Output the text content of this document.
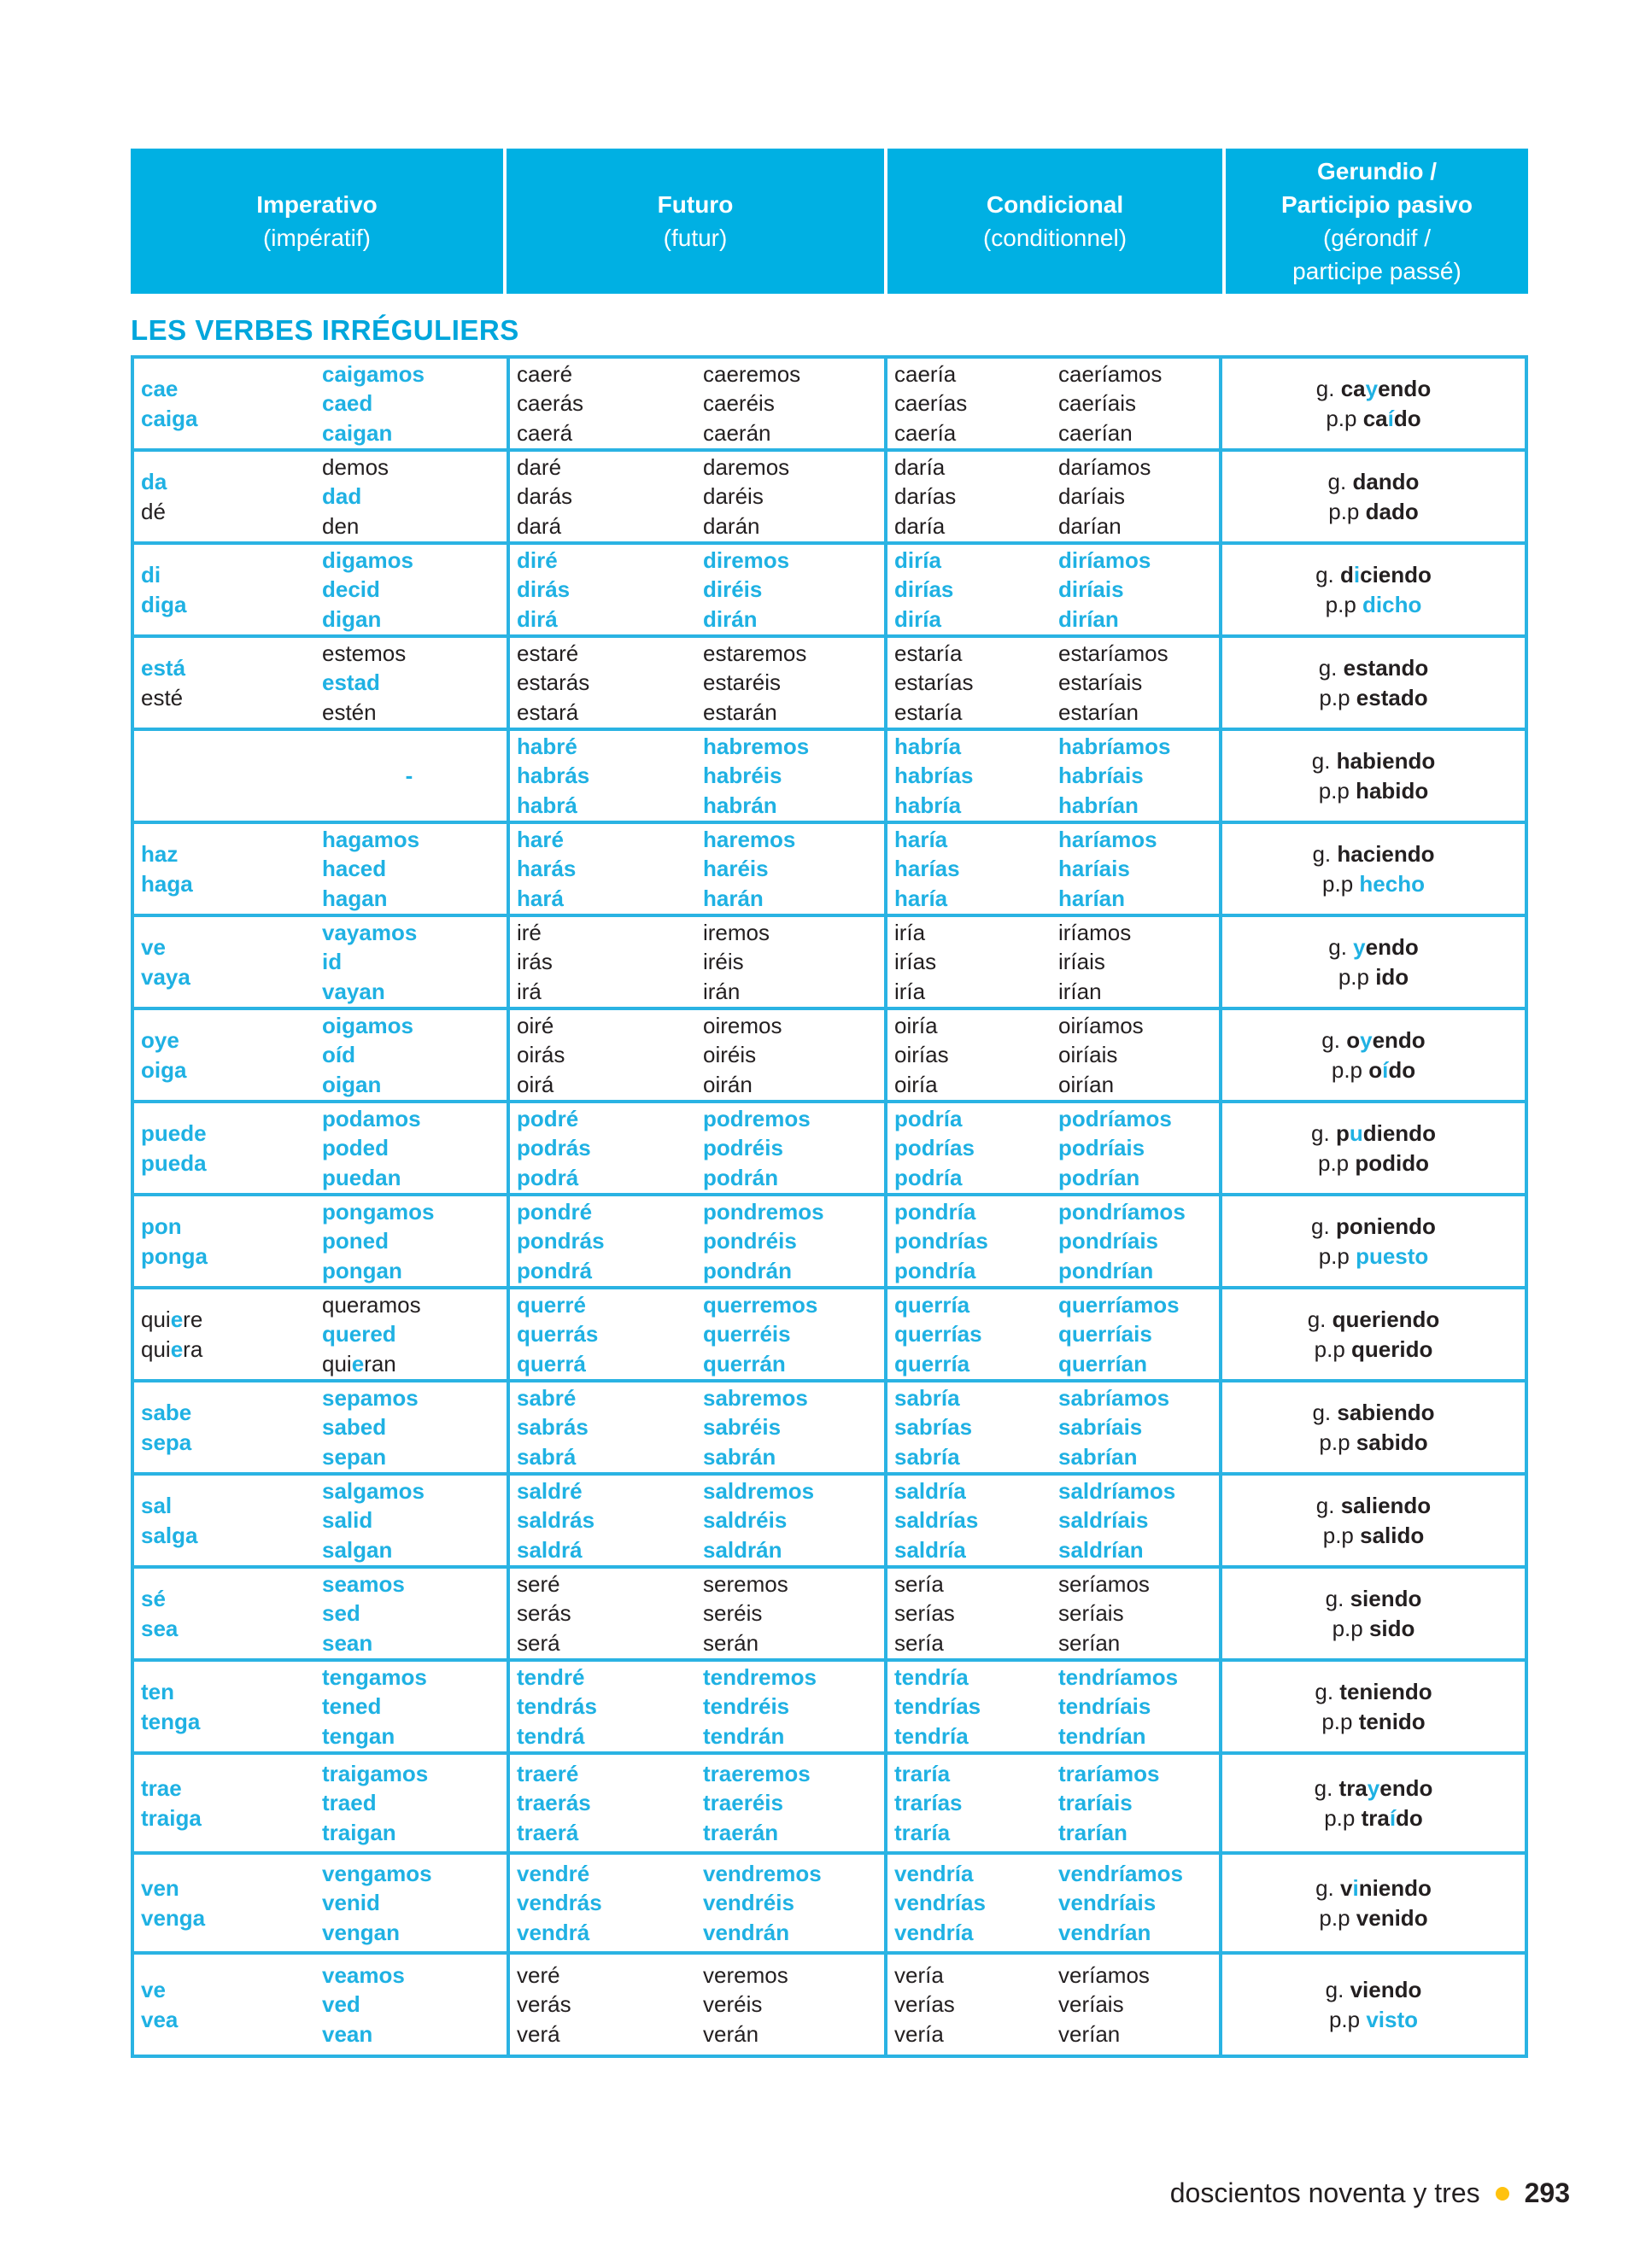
Imperativo
(impératif)
Futuro
(futur)
Condicional
(conditionnel)
Gerundio /
Participio pasivo
(gérondif /
participe passé)
LES VERBES IRRÉGULIERS
cae
caiga
caigamos
caed
caigan
caeré
caerás
caerá
caeremos
caeréis
caerán
caería
caerías
caería
caeríamos
caeríais
caerían
g. cayendo
p.p caído
da
dé
demos
dad
den
daré
darás
dará
daremos
daréis
darán
daría
darías
daría
daríamos
daríais
darían
g. dando
p.p dado
di
diga
digamos
decid
digan
diré
dirás
dirá
diremos
diréis
dirán
diría
dirías
diría
diríamos
diríais
dirían
g. diciendo
p.p dicho
está
esté
estemos
estad
estén
estaré
estarás
estará
estaremos
estaréis
estarán
estaría
estarías
estaría
estaríamos
estaríais
estarían
g. estando
p.p estado
-
habré
habrás
habrá
habremos
habréis
habrán
habría
habrías
habría
habríamos
habríais
habrían
g. habiendo
p.p habido
haz
haga
hagamos
haced
hagan
haré
harás
hará
haremos
haréis
harán
haría
harías
haría
haríamos
haríais
harían
g. haciendo
p.p hecho
ve
vaya
vayamos
id
vayan
iré
irás
irá
iremos
iréis
irán
iría
irías
iría
iríamos
iríais
irían
g. yendo
p.p ido
oye
oiga
oigamos
oíd
oigan
oiré
oirás
oirá
oiremos
oiréis
oirán
oiría
oirías
oiría
oiríamos
oiríais
oirían
g. oyendo
p.p oído
puede
pueda
podamos
poded
puedan
podré
podrás
podrá
podremos
podréis
podrán
podría
podrías
podría
podríamos
podríais
podrían
g. pudiendo
p.p podido
pon
ponga
pongamos
poned
pongan
pondré
pondrás
pondrá
pondremos
pondréis
pondrán
pondría
pondrías
pondría
pondríamos
pondríais
pondrían
g. poniendo
p.p puesto
quiere
quiera
queramos
quered
quieran
querré
querrás
querrá
querremos
querréis
querrán
querría
querrías
querría
querríamos
querríais
querrían
g. queriendo
p.p querido
sabe
sepa
sepamos
sabed
sepan
sabré
sabrás
sabrá
sabremos
sabréis
sabrán
sabría
sabrías
sabría
sabríamos
sabríais
sabrían
g. sabiendo
p.p sabido
sal
salga
salgamos
salid
salgan
saldré
saldrás
saldrá
saldremos
saldréis
saldrán
saldría
saldrías
saldría
saldríamos
saldríais
saldrían
g. saliendo
p.p salido
sé
sea
seamos
sed
sean
seré
serás
será
seremos
seréis
serán
sería
serías
sería
seríamos
seríais
serían
g. siendo
p.p sido
ten
tenga
tengamos
tened
tengan
tendré
tendrás
tendrá
tendremos
tendréis
tendrán
tendría
tendrías
tendría
tendríamos
tendríais
tendrían
g. teniendo
p.p tenido
trae
traiga
traigamos
traed
traigan
traeré
traerás
traerá
traeremos
traeréis
traerán
traría
trarías
traría
traríamos
traríais
trarían
g. trayendo
p.p traído
ven
venga
vengamos
venid
vengan
vendré
vendrás
vendrá
vendremos
vendréis
vendrán
vendría
vendrías
vendría
vendríamos
vendríais
vendrían
g. viniendo
p.p venido
ve
vea
veamos
ved
vean
veré
verás
verá
veremos
veréis
verán
vería
verías
vería
veríamos
veríais
verían
g. viendo
p.p visto
doscientos noventa y tres 293
